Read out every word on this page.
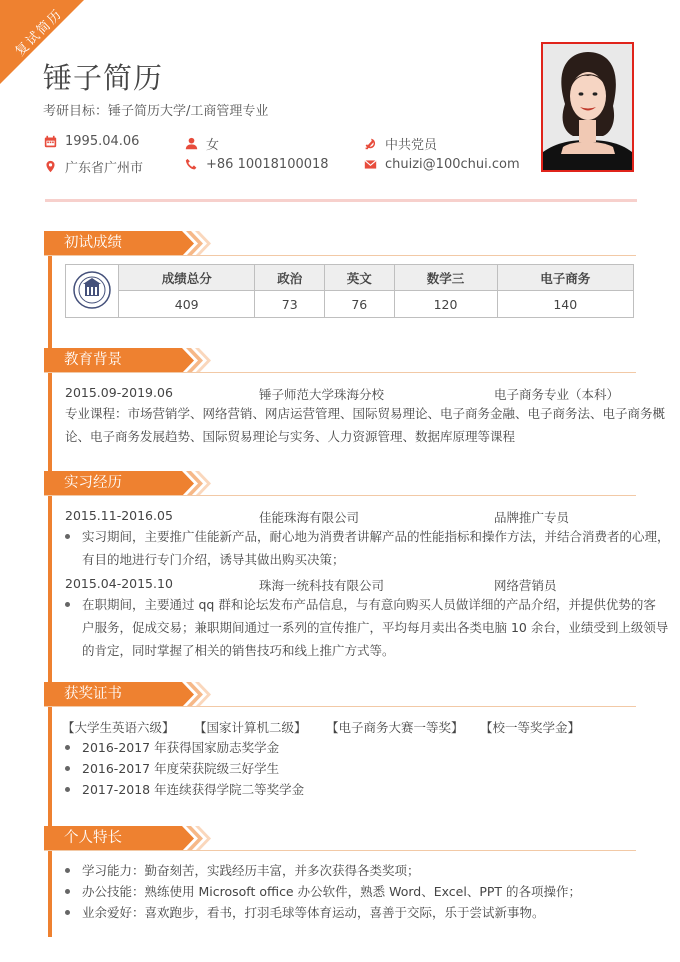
复试简历
锤子简历
考研目标：锤子简历大学/工商管理专业
1995.04.06	女	中共党员
广东省广州市	+86 10018100018	chuizi@100chui.com
初试成绩
	成绩总分	政治	英文	数学三	电子商务
	409	73	76	120	140
教育背景
2015.09-2019.06	锤子师范大学珠海分校	电子商务专业（本科）
专业课程：市场营销学、网络营销、网店运营管理、国际贸易理论、电子商务金融、电子商务法、电子商务概
论、电子商务发展趋势、国际贸易理论与实务、人力资源管理、数据库原理等课程
实习经历
2015.11-2016.05	佳能珠海有限公司	品牌推广专员
实习期间，主要推广佳能新产品，耐心地为消费者讲解产品的性能指标和操作方法，并结合消费者的心理，
有目的地进行专门介绍，诱导其做出购买决策；
2015.04-2015.10	珠海一统科技有限公司	网络营销员
在职期间，主要通过 qq 群和论坛发布产品信息，与有意向购买人员做详细的产品介绍，并提供优势的客
户服务，促成交易；兼职期间通过一系列的宣传推广，平均每月卖出各类电脑 10 余台，业绩受到上级领导
的肯定，同时掌握了相关的销售技巧和线上推广方式等。
获奖证书
【大学生英语六级】 【国家计算机二级】 【电子商务大赛一等奖】 【校一等奖学金】
2016-2017 年获得国家励志奖学金
2016-2017 年度荣获院级三好学生
2017-2018 年连续获得学院二等奖学金
个人特长
学习能力：勤奋刻苦，实践经历丰富，并多次获得各类奖项；
办公技能：熟练使用 Microsoft office 办公软件，熟悉 Word、Excel、PPT 的各项操作；
业余爱好：喜欢跑步，看书，打羽毛球等体育运动，喜善于交际，乐于尝试新事物。
